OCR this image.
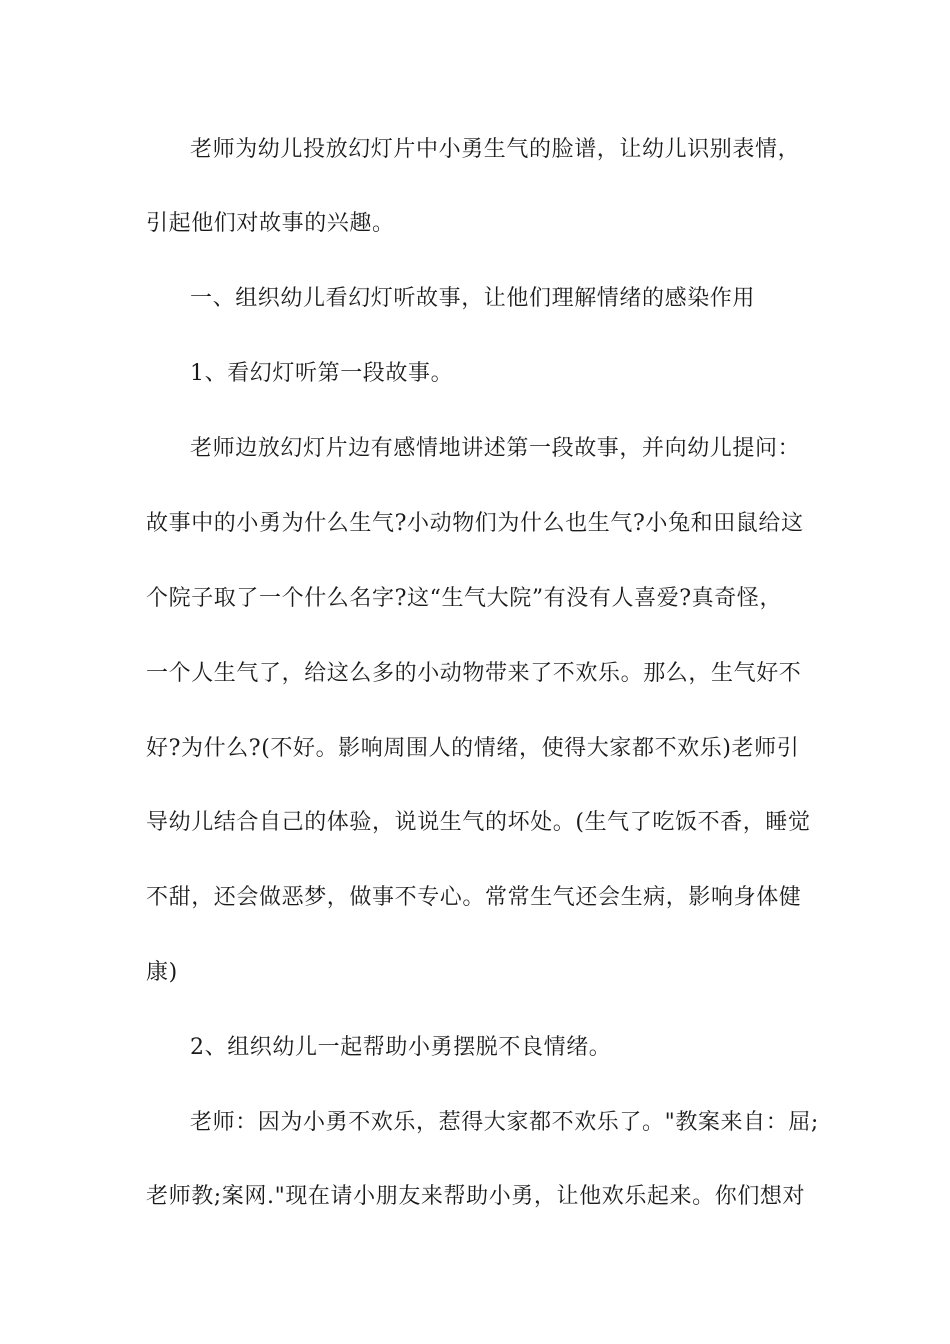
老师为幼儿投放幻灯片中小勇生气的脸谱，让幼儿识别表情，

引起他们对故事的兴趣。

一、组织幼儿看幻灯听故事，让他们理解情绪的感染作用

1、看幻灯听第一段故事。

老师边放幻灯片边有感情地讲述第一段故事，并向幼儿提问：

故事中的小勇为什么生气?小动物们为什么也生气?小兔和田鼠给这

个院子取了一个什么名字?这“生气大院”有没有人喜爱?真奇怪，

一个人生气了，给这么多的小动物带来了不欢乐。那么，生气好不

好?为什么?(不好。影响周围人的情绪，使得大家都不欢乐)老师引

导幼儿结合自己的体验，说说生气的坏处。(生气了吃饭不香，睡觉

不甜，还会做恶梦，做事不专心。常常生气还会生病，影响身体健

康)

2、组织幼儿一起帮助小勇摆脱不良情绪。

老师：因为小勇不欢乐，惹得大家都不欢乐了。"教案来自：屈;

老师教;案网."现在请小朋友来帮助小勇，让他欢乐起来。你们想对
